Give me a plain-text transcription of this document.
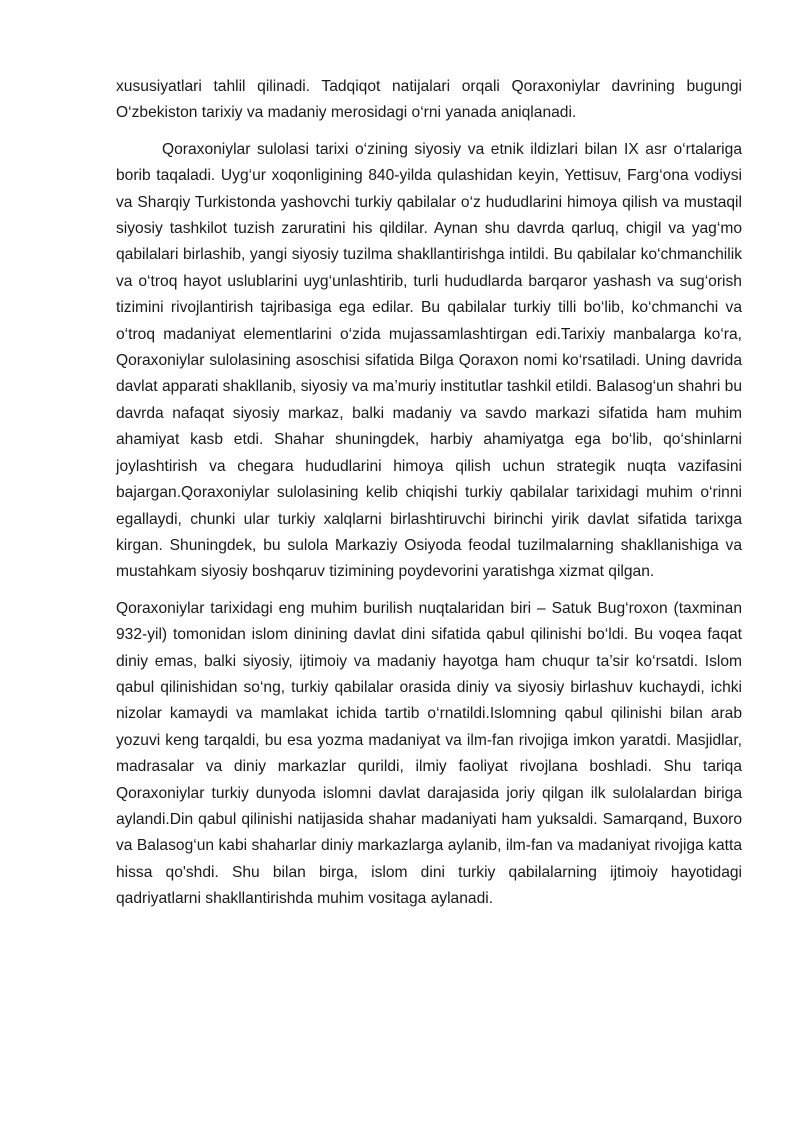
xususiyatlari tahlil qilinadi. Tadqiqot natijalari orqali Qoraxoniylar davrining bugungi O‘zbekiston tarixiy va madaniy merosidagi o‘rni yanada aniqlanadi.

Qoraxoniylar sulolasi tarixi o‘zining siyosiy va etnik ildizlari bilan IX asr o‘rtalariga borib taqaladi. Uyg‘ur xoqonligining 840-yilda qulashidan keyin, Yettisuv, Farg‘ona vodiysi va Sharqiy Turkistonda yashovchi turkiy qabilalar o‘z hududlarini himoya qilish va mustaqil siyosiy tashkilot tuzish zaruratini his qildilar. Aynan shu davrda qarluq, chigil va yag‘mo qabilalari birlashib, yangi siyosiy tuzilma shakllantirishga intildi. Bu qabilalar ko‘chmanchilik va o‘troq hayot uslublarini uyg‘unlashtirib, turli hududlarda barqaror yashash va sug‘orish tizimini rivojlantirish tajribasiga ega edilar. Bu qabilalar turkiy tilli bo‘lib, ko‘chmanchi va o‘troq madaniyat elementlarini o‘zida mujassamlashtirgan edi.Tarixiy manbalarga ko‘ra, Qoraxoniylar sulolasining asoschisi sifatida Bilga Qoraxon nomi ko‘rsatiladi. Uning davrida davlat apparati shakllanib, siyosiy va ma’muriy institutlar tashkil etildi. Balasog‘un shahri bu davrda nafaqat siyosiy markaz, balki madaniy va savdo markazi sifatida ham muhim ahamiyat kasb etdi. Shahar shuningdek, harbiy ahamiyatga ega bo‘lib, qo‘shinlarni joylashtirish va chegara hududlarini himoya qilish uchun strategik nuqta vazifasini bajargan.Qoraxoniylar sulolasining kelib chiqishi turkiy qabilalar tarixidagi muhim o‘rinni egallaydi, chunki ular turkiy xalqlarni birlashtiruvchi birinchi yirik davlat sifatida tarixga kirgan. Shuningdek, bu sulola Markaziy Osiyoda feodal tuzilmalarning shakllanishiga va mustahkam siyosiy boshqaruv tizimining poydevorini yaratishga xizmat qilgan.

Qoraxoniylar tarixidagi eng muhim burilish nuqtalaridan biri – Satuk Bug‘roxon (taxminan 932-yil) tomonidan islom dinining davlat dini sifatida qabul qilinishi bo‘ldi. Bu voqea faqat diniy emas, balki siyosiy, ijtimoiy va madaniy hayotga ham chuqur ta’sir ko‘rsatdi. Islom qabul qilinishidan so‘ng, turkiy qabilalar orasida diniy va siyosiy birlashuv kuchaydi, ichki nizolar kamaydi va mamlakat ichida tartib o‘rnatildi.Islomning qabul qilinishi bilan arab yozuvi keng tarqaldi, bu esa yozma madaniyat va ilm-fan rivojiga imkon yaratdi. Masjidlar, madrasalar va diniy markazlar qurildi, ilmiy faoliyat rivojlana boshladi. Shu tariqa Qoraxoniylar turkiy dunyoda islomni davlat darajasida joriy qilgan ilk sulolalardan biriga aylandi.Din qabul qilinishi natijasida shahar madaniyati ham yuksaldi. Samarqand, Buxoro va Balasog‘un kabi shaharlar diniy markazlarga aylanib, ilm-fan va madaniyat rivojiga katta hissa qo'shdi. Shu bilan birga, islom dini turkiy qabilalarning ijtimoiy hayotidagi qadriyatlarni shakllantirishda muhim vositaga aylanadi.
